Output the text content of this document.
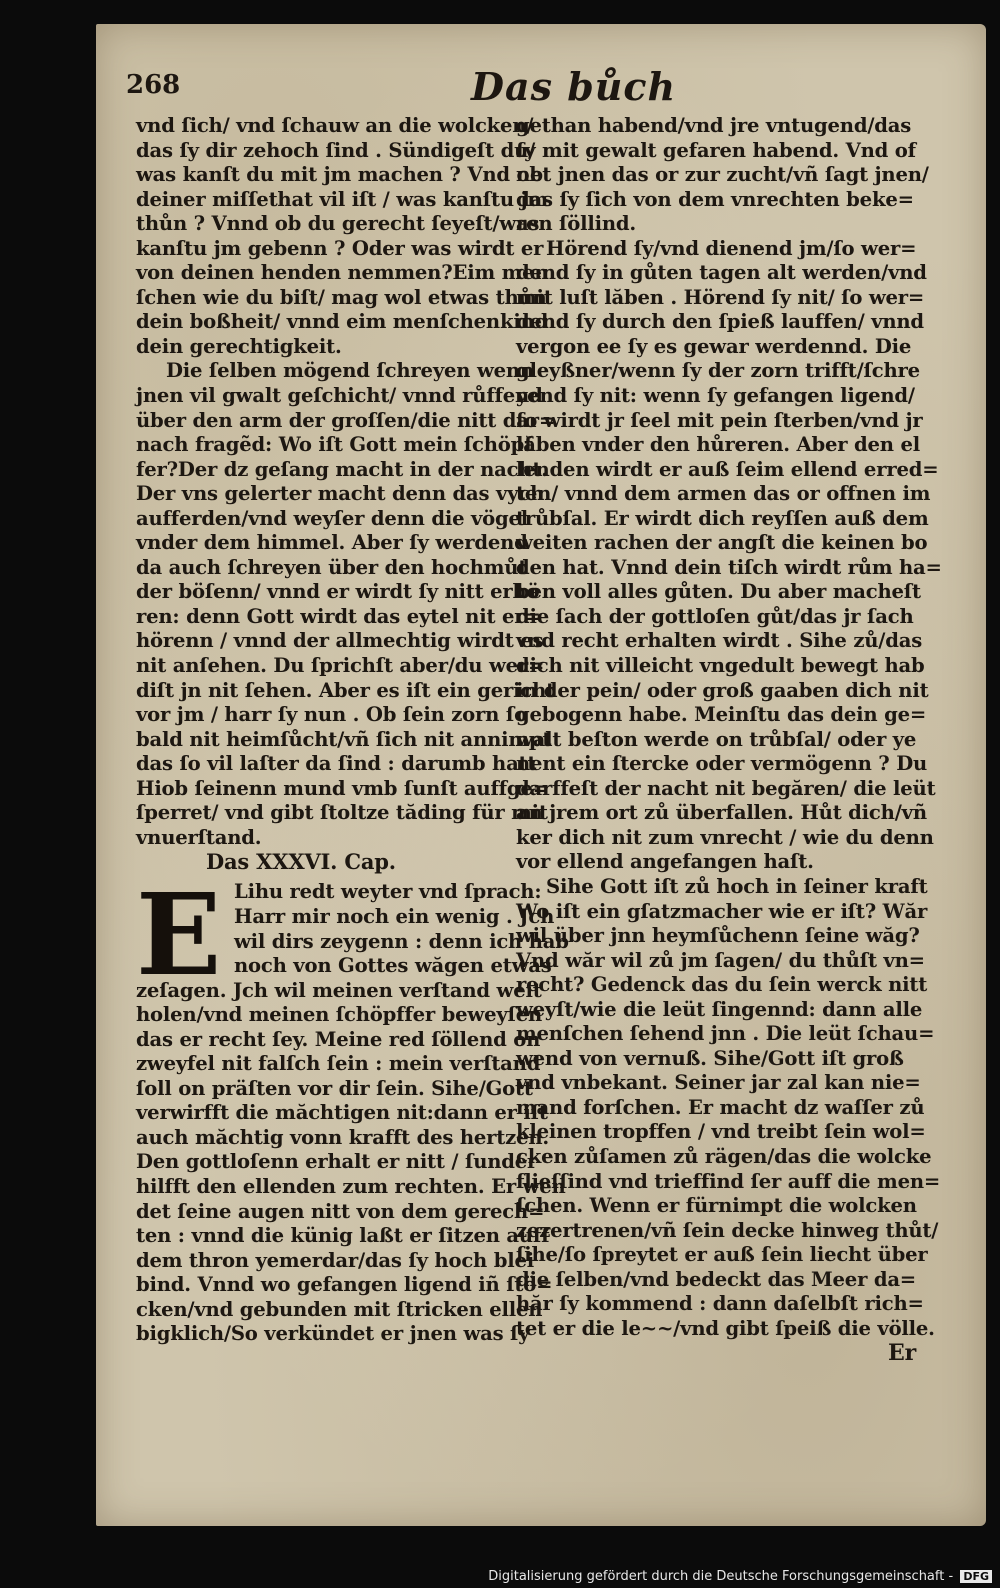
268	Das bůch
vnd ſich/ vnd ſchauw an die wolcken/
das ſy dir zehoch ſind . Sündigeſt du/
was kanſt du mit jm machen ? Vnd ob
deiner miſſethat vil iſt / was kanſtu jm
thůn ? Vnnd ob du gerecht ſeyeſt/was
kanſtu jm gebenn ? Oder was wirdt er
von deinen henden nemmen?Eim men
ſchen wie du biſt/ mag wol etwas thůn
dein boßheit/ vnnd eim menſchenkind
dein gerechtigkeit.
Die ſelben mögend ſchreyen wenn
jnen vil gwalt geſchicht/ vnnd růffend
über den arm der groſſen/die nitt dar=
nach fragẽd: Wo iſt Gott mein ſchöpf
fer?Der dz geſang macht in der nacht.
Der vns gelerter macht denn das vych
aufferden/vnd weyſer denn die vögel
vnder dem himmel. Aber ſy werdend
da auch ſchreyen über den hochmůt
der böſenn/ vnnd er wirdt ſy nitt erhö
ren: denn Gott wirdt das eytel nit er=
hörenn / vnnd der allmechtig wirdt es
nit anſehen. Du ſprichſt aber/du wer=
diſt jn nit ſehen. Aber es iſt ein gericht
vor jm / harr ſy nun . Ob ſein zorn ſo
bald nit heimſůcht/vñ ſich nit annimpt
das ſo vil laſter da ſind : darumb hatt
Hiob ſeinenn mund vmb ſunſt auffge=
ſperret/ vnd gibt ſtoltze tăding für mit
vnuerſtand.
Das XXXVI. Cap.
E Lihu redt weyter vnd ſprach:
Harr mir noch ein wenig . Jch
wil dirs zeygenn : denn ich hab
noch von Gottes wăgen etwas
zeſagen. Jch wil meinen verſtand weit
holen/vnd meinen ſchöpffer beweyſen
das er recht ſey. Meine red ſöllend on
zweyfel nit falſch ſein : mein verſtand
ſoll on präſten vor dir ſein. Sihe/Gott
verwirfft die măchtigen nit:dann er iſt
auch măchtig vonn krafft des hertzen.
Den gottloſenn erhalt er nitt / ſunder
hilfft den ellenden zum rechten. Er wen
det ſeine augen nitt von dem gerech=
ten : vnnd die künig laßt er ſitzen auff
dem thron yemerdar/das ſy hoch blei
bind. Vnnd wo gefangen ligend iñ ſtö=
cken/vnd gebunden mit ſtricken ellen
bigklich/So verkündet er jnen was ſy
gethan habend/vnd jre vntugend/das
ſy mit gewalt gefaren habend. Vnd of
net jnen das or zur zucht/vñ ſagt jnen/
das ſy ſich von dem vnrechten beke=
ren ſöllind.
Hörend ſy/vnd dienend jm/ſo wer=
dend ſy in gůten tagen alt werden/vnd
mit luſt lăben . Hörend ſy nit/ ſo wer=
dend ſy durch den ſpieß lauffen/ vnnd
vergon ee ſy es gewar werdennd. Die
gleyßner/wenn ſy der zorn trifft/ſchre
yend ſy nit: wenn ſy gefangen ligend/
ſo wirdt jr ſeel mit pein ſterben/vnd jr
lăben vnder den hůreren. Aber den el
lenden wirdt er auß ſeim ellend erred=
ten/ vnnd dem armen das or offnen im
trůbſal. Er wirdt dich reyſſen auß dem
weiten rachen der angſt die keinen bo
den hat. Vnnd dein tiſch wirdt rům ha=
ben voll alles gůten. Du aber macheſt
die ſach der gottloſen gůt/das jr ſach
vnd recht erhalten wirdt . Sihe zů/das
dich nit villeicht vngedult bewegt hab
in der pein/ oder groß gaaben dich nit
gebogenn habe. Meinſtu das dein ge=
walt beſton werde on trůbſal/ oder ye
nent ein ſtercke oder vermögenn ? Du
darffeſt der nacht nit begăren/ die leüt
an jrem ort zů überfallen. Hůt dich/vñ
ker dich nit zum vnrecht / wie du denn
vor ellend angefangen haſt.
Sihe Gott iſt zů hoch in ſeiner kraft
Wo iſt ein gſatzmacher wie er iſt? Wăr
wil über jnn heymſůchenn ſeine wăg?
Vnd wăr wil zů jm ſagen/ du thůſt vn=
recht? Gedenck das du ſein werck nitt
weyſt/wie die leüt ſingennd: dann alle
menſchen ſehend jnn . Die leüt ſchau=
wend von vernuß. Sihe/Gott iſt groß
vnd vnbekant. Seiner jar zal kan nie=
mand forſchen. Er macht dz waſſer zů
kleinen tropffen / vnd treibt ſein wol=
cken zůſamen zů rägen/das die wolcke
flieſſind vnd trieffind ſer auff die men=
ſchen. Wenn er fürnimpt die wolcken
zezertrenen/vñ ſein decke hinweg thůt/
ſihe/ſo ſpreytet er auß ſein liecht über
die ſelben/vnd bedeckt das Meer da=
hăr ſy kommend : dann daſelbſt rich=
tet er die le~~/vnd gibt ſpeiß die völle.
Er
Digitalisierung gefördert durch die Deutsche Forschungsgemeinschaft - DFG
